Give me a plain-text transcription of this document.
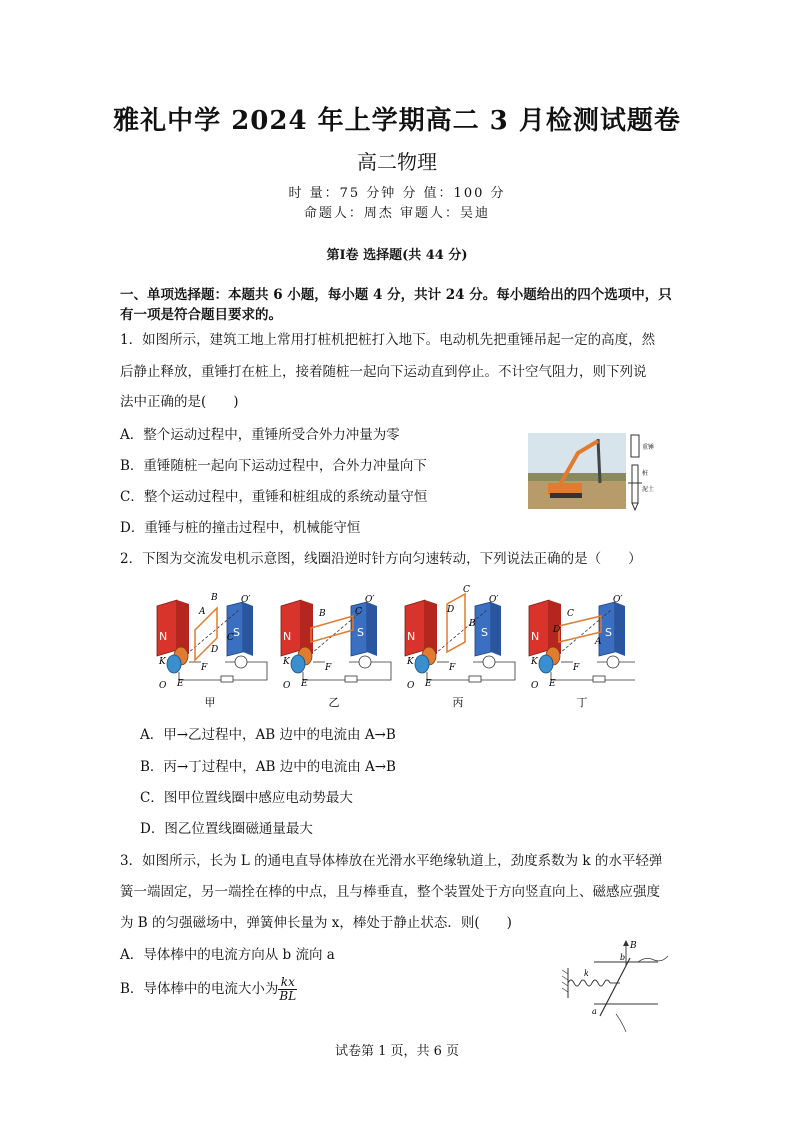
雅礼中学 2024 年上学期高二 3 月检测试题卷
高二物理
时 量：75 分钟 分 值：100 分
命题人：周杰 审题人：吴迪
第Ⅰ卷 选择题(共 44 分)
一、单项选择题：本题共 6 小题，每小题 4 分，共计 24 分。每小题给出的四个选项中，只
有一项是符合题目要求的。
1．如图所示，建筑工地上常用打桩机把桩打入地下。电动机先把重锤吊起一定的高度，然
后静止释放，重锤打在桩上，接着随桩一起向下运动直到停止。不计空气阻力，则下列说
法中正确的是(　　)
A．整个运动过程中，重锤所受合外力冲量为零
B．重锤随桩一起向下运动过程中，合外力冲量向下
C．整个运动过程中，重锤和桩组成的系统动量守恒
D．重锤与桩的撞击过程中，机械能守恒
重锤
桩
泥土
2．下图为交流发电机示意图，线圈沿逆时针方向匀速转动，下列说法正确的是（　　）
N	S
B
A
C
D
O′
K
O E
F
N	S
B	C
O′
K
O E
F
N	S
C
D
B
O′
K
O E
F
N	S
C
D
A
O′
K
O E
F
甲	乙	丙	丁
A．甲→乙过程中，AB 边中的电流由 A→B
B．丙→丁过程中，AB 边中的电流由 A→B
C．图甲位置线圈中感应电动势最大
D．图乙位置线圈磁通量最大
3．如图所示，长为 L 的通电直导体棒放在光滑水平绝缘轨道上，劲度系数为 k 的水平轻弹
簧一端固定，另一端拴在棒的中点，且与棒垂直，整个装置处于方向竖直向上、磁感应强度
为 B 的匀强磁场中，弹簧伸长量为 x，棒处于静止状态．则(　　)
A．导体棒中的电流方向从 b 流向 a
B．导体棒中的电流大小为 $\frac{kx}{BL}$
B
b
a
k
试卷第 1 页，共 6 页
